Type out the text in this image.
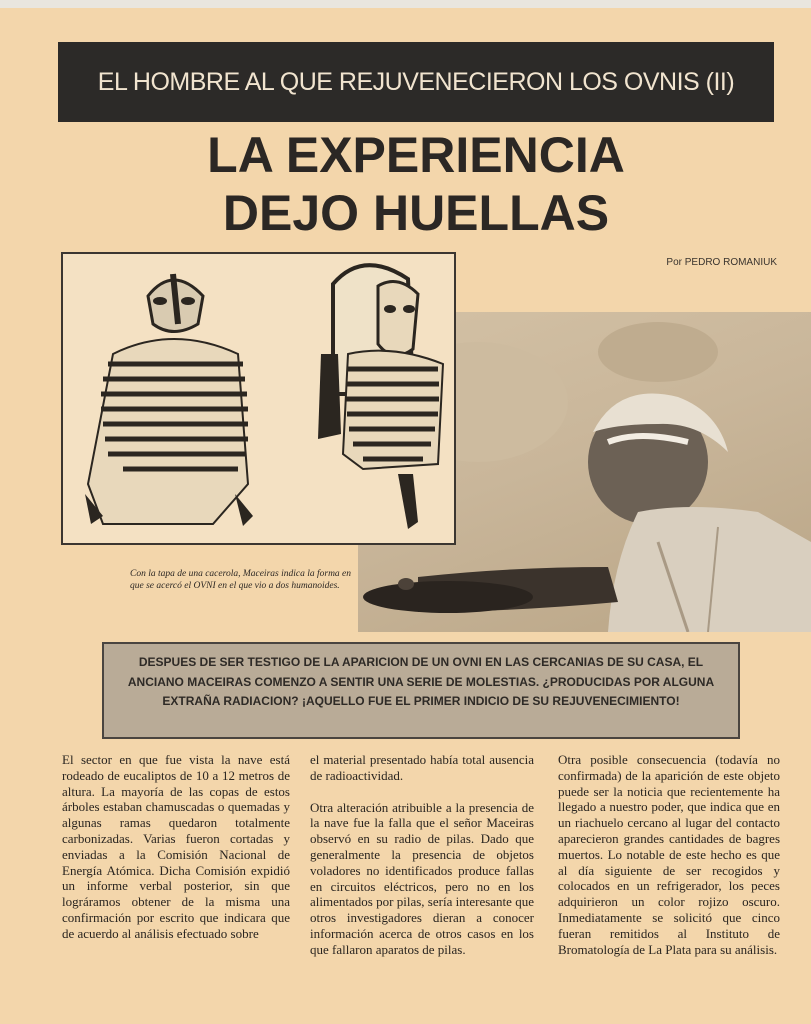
EL HOMBRE AL QUE REJUVENECIERON LOS OVNIS (II)
LA EXPERIENCIA
DEJO HUELLAS
Por PEDRO ROMANIUK
Con la tapa de una cacerola, Maceiras indica la forma en que se acercó el OVNI en el que vio a dos humanoides.
DESPUES DE SER TESTIGO DE LA APARICION DE UN OVNI EN LAS CERCANIAS DE SU CASA, EL ANCIANO MACEIRAS COMENZO A SENTIR UNA SERIE DE MOLESTIAS. ¿PRODUCIDAS POR ALGUNA EXTRAÑA RADIACION? ¡AQUELLO FUE EL PRIMER INDICIO DE SU REJUVENECIMIENTO!

El sector en que fue vista la nave está rodeado de eucaliptos de 10 a 12 metros de altura. La mayoría de las copas de estos árboles estaban chamuscadas o quemadas y algunas ramas quedaron totalmente carbonizadas. Varias fueron cortadas y enviadas a la Comisión Nacional de Energía Atómica. Dicha Comisión expidió un informe verbal posterior, sin que lográramos obtener de la misma una confirmación por escrito que indicara que de acuerdo al análisis efectuado sobre

el material presentado había total ausencia de radioactividad.

Otra alteración atribuible a la presencia de la nave fue la falla que el señor Maceiras observó en su radio de pilas. Dado que generalmente la presencia de objetos voladores no identificados produce fallas en circuitos eléctricos, pero no en los alimentados por pilas, sería interesante que otros investigadores dieran a conocer información acerca de otros casos en los que fallaron aparatos de pilas.

Otra posible consecuencia (todavía no confirmada) de la aparición de este objeto puede ser la noticia que recientemente ha llegado a nuestro poder, que indica que en un riachuelo cercano al lugar del contacto aparecieron grandes cantidades de bagres muertos. Lo notable de este hecho es que al día siguiente de ser recogidos y colocados en un refrigerador, los peces adquirieron un color rojizo oscuro. Inmediatamente se solicitó que cinco fueran remitidos al Instituto de Bromatología de La Plata para su análisis.
